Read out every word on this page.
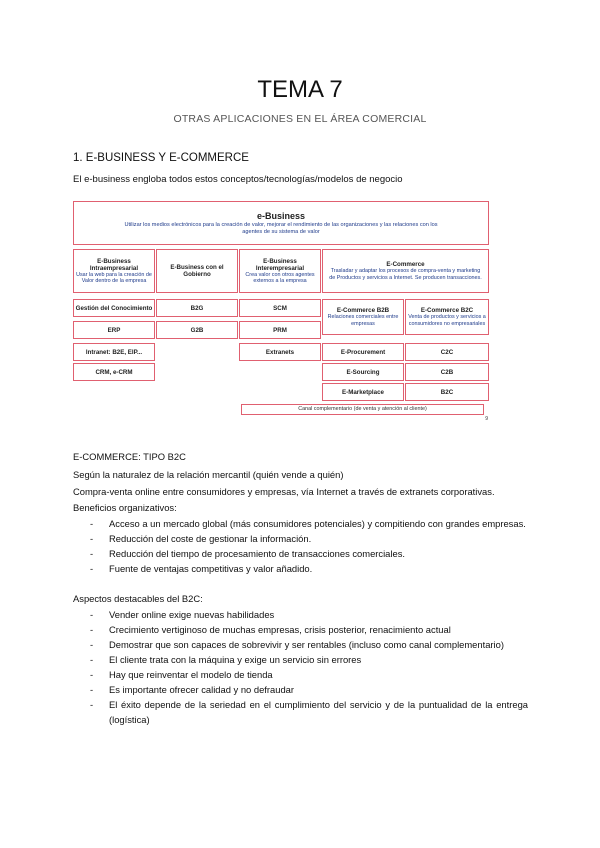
TEMA 7
OTRAS APLICACIONES EN EL ÁREA COMERCIAL
1. E-BUSINESS Y E-COMMERCE
El e-business engloba todos estos conceptos/tecnologías/modelos de negocio
e-Business
Utilizar los medios electrónicos para la creación de valor, mejorar el rendimiento de las organizaciones y las relaciones con los agentes de su sistema de valor
E-Business Intraempresarial
Usar la web para la creación de Valor dentro de la empresa
E-Business con el Gobierno
E-Business Interempresarial
Crea valor con otros agentes externos a la empresa
E-Commerce
Trasladar y adaptar los procesos de compra-venta y marketing de Productos y servicios a Internet. Se producen transacciones.
Gestión del Conocimiento
ERP
Intranet: B2E, EIP...
CRM, e-CRM
B2G
G2B
SCM
PRM
Extranets
E-Commerce B2B
Relaciones comerciales entre empresas
E-Commerce B2C
Venta de productos y servicios a consumidores no empresariales
E-Procurement
E-Sourcing
E-Marketplace
C2C
C2B
B2C
Canal complementario (de venta y atención al cliente)
9
E-COMMERCE: TIPO B2C
Según la naturalez de la relación mercantil (quién vende a quién)
Compra-venta online entre consumidores y empresas, vía Internet a través de extranets corporativas.
Beneficios organizativos:
- Acceso a un mercado global (más consumidores potenciales) y compitiendo con grandes empresas.
- Reducción del coste de gestionar la información.
- Reducción del tiempo de procesamiento de transacciones comerciales.
- Fuente de ventajas competitivas y valor añadido.
Aspectos destacables del B2C:
- Vender online exige nuevas habilidades
- Crecimiento vertiginoso de muchas empresas, crisis posterior, renacimiento actual
- Demostrar que son capaces de sobrevivir y ser rentables (incluso como canal complementario)
- El cliente trata con la máquina y exige un servicio sin errores
- Hay que reinventar el modelo de tienda
- Es importante ofrecer calidad y no defraudar
- El éxito depende de la seriedad en el cumplimiento del servicio y de la puntualidad de la entrega (logística)
